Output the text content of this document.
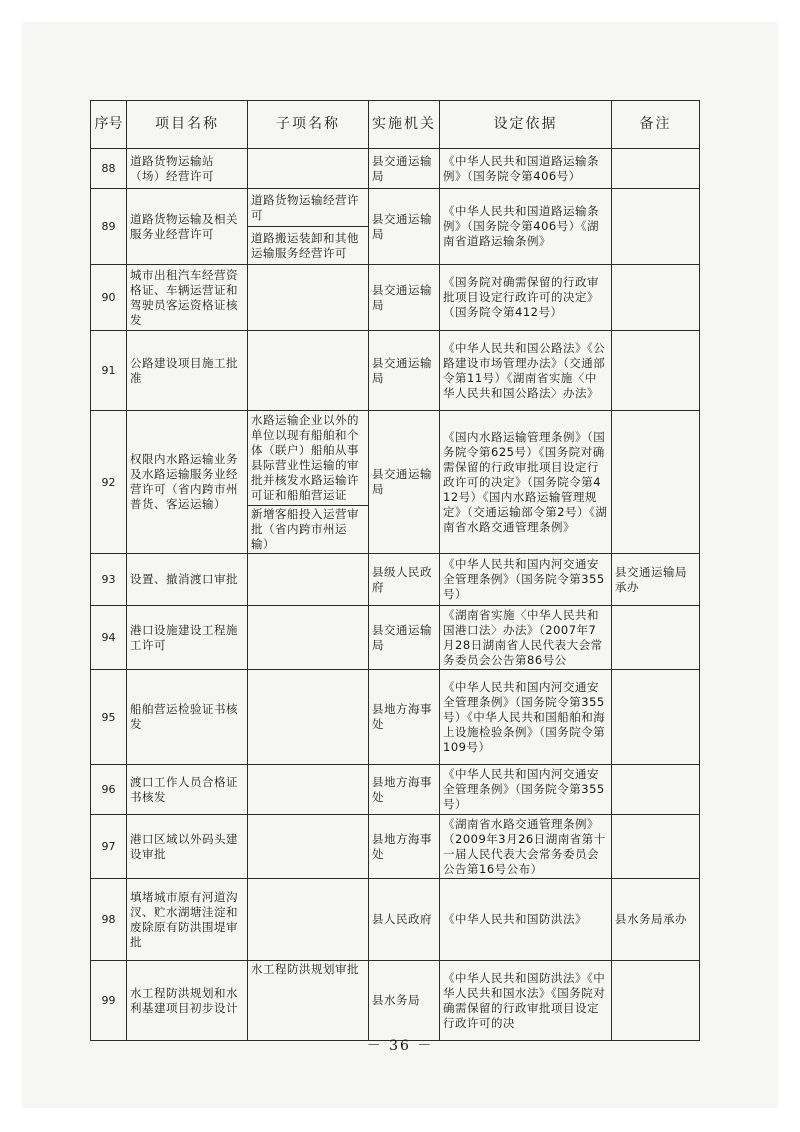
序号	项目名称	子项名称	实施机关	设定依据	备注
88	道路货物运输站（场）经营许可		县交通运输局	《中华人民共和国道路运输条例》（国务院令第406号）	
89	道路货物运输及相关服务业经营许可	道路货物运输经营许可	县交通运输局	《中华人民共和国道路运输条例》（国务院令第406号）《湖南省道路运输条例》	
		道路搬运装卸和其他运输服务经营许可			
90	城市出租汽车经营资格证、车辆运营证和驾驶员客运资格证核发		县交通运输局	《国务院对确需保留的行政审批项目设定行政许可的决定》（国务院令第412号）	
91	公路建设项目施工批准		县交通运输局	《中华人民共和国公路法》《公路建设市场管理办法》（交通部令第11号）《湖南省实施〈中华人民共和国公路法〉办法》	
92	权限内水路运输业务及水路运输服务业经营许可（省内跨市州普货、客运运输）	水路运输企业以外的单位以现有船舶和个体（联户）船舶从事县际营业性运输的审批并核发水路运输许可证和船舶营运证	县交通运输局	《国内水路运输管理条例》（国务院令第625号）《国务院对确需保留的行政审批项目设定行政许可的决定》（国务院令第412号）《国内水路运输管理规定》（交通运输部令第2号）《湖南省水路交通管理条例》	
		新增客船投入运营审批（省内跨市州运输）			
93	设置、撤消渡口审批		县级人民政府	《中华人民共和国内河交通安全管理条例》（国务院令第355号）	县交通运输局承办
94	港口设施建设工程施工许可		县交通运输局	《湖南省实施〈中华人民共和国港口法〉办法》（2007年7月28日湖南省人民代表大会常务委员会公告第86号公	
95	船舶营运检验证书核发		县地方海事处	《中华人民共和国内河交通安全管理条例》（国务院令第355号）《中华人民共和国船舶和海上设施检验条例》（国务院令第109号）	
96	渡口工作人员合格证书核发		县地方海事处	《中华人民共和国内河交通安全管理条例》（国务院令第355号）	
97	港口区域以外码头建设审批		县地方海事处	《湖南省水路交通管理条例》（2009年3月26日湖南省第十一届人民代表大会常务委员会公告第16号公布）	
98	填堵城市原有河道沟汊、贮水湖塘洼淀和废除原有防洪围堤审批		县人民政府	《中华人民共和国防洪法》	县水务局承办
99	水工程防洪规划和水利基建项目初步设计	水工程防洪规划审批	县水务局	《中华人民共和国防洪法》《中华人民共和国水法》《国务院对确需保留的行政审批项目设定行政许可的决	
－ 36 －
